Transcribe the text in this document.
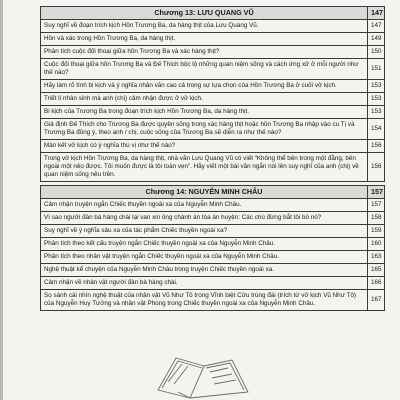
Chương 13: LƯU QUANG VŨ	147
Suy nghĩ về đoạn trích kịch Hồn Trương Ba, da hàng thịt của Lưu Quang Vũ.	147
Hồn và xác trong Hồn Trương Ba, da hàng thịt.	149
Phân tích cuộc đối thoại giữa hồn Trương Ba và xác hàng thịt?	150
Cuộc đối thoại giữa hồn Trương Ba và Đế Thích bộc lộ những quan niệm sống và cách ứng xử ở mỗi người như thế nào?	151
Hãy làm rõ tính bi kịch và ý nghĩa nhân văn cao cả trong sự lựa chọn của Hồn Trương Ba ở cuối vở kịch.	153
Triết lí nhân sinh mà anh (chị) cảm nhận được ở vở kịch.	153
Bi kịch của Trương Ba trong đoạn trích kịch Hồn Trương Ba, da hàng thịt.	153
Giả định Đế Thích cho Trương Ba được quyền sống trong xác hàng thịt hoặc hồn Trương Ba nhập vào cu Tị và Trương Ba đồng ý, theo anh / chị, cuộc sống của Trương Ba sẽ diễn ra như thế nào?	154
Màn kết vở kịch có ý nghĩa thú vị như thế nào?	156
Trong vở kịch Hồn Trương Ba, da hàng thịt, nhà văn Lưu Quang Vũ có viết “Không thể bên trong một đằng, bên ngoài một nẻo được. Tôi muốn được là tôi toàn vẹn”. Hãy viết một bài văn ngắn nói lên suy nghĩ của anh (chị) về quan niệm sống nêu trên.	156

Chương 14: NGUYỄN MINH CHÂU	157
Cảm nhận truyện ngắn Chiếc thuyền ngoài xa của Nguyễn Minh Châu.	157
Vì sao người đàn bà hàng chài lại van xin ông chánh án tòa án huyện: Các chú đừng bắt tôi bỏ nó?	158
Suy nghĩ về ý nghĩa sâu xa của tác phẩm Chiếc thuyền ngoài xa?	159
Phân tích theo kết cấu truyện ngắn Chiếc thuyền ngoài xa của Nguyễn Minh Châu.	160
Phân tích theo nhân vật truyện ngắn Chiếc thuyền ngoài xa của Nguyễn Minh Châu.	163
Nghệ thuật kể chuyện của Nguyễn Minh Châu trong truyện Chiếc thuyền ngoài xa.	165
Cảm nhận về nhân vật người đàn bà hàng chài.	166
So sánh cái nhìn nghệ thuật của nhân vật Vũ Như Tô trong Vĩnh biệt Cửu trùng đài (trích từ vở kịch Vũ Như Tô) của Nguyễn Huy Tưởng và nhân vật Phùng trong Chiếc thuyền ngoài xa của Nguyễn Minh Châu.	167
